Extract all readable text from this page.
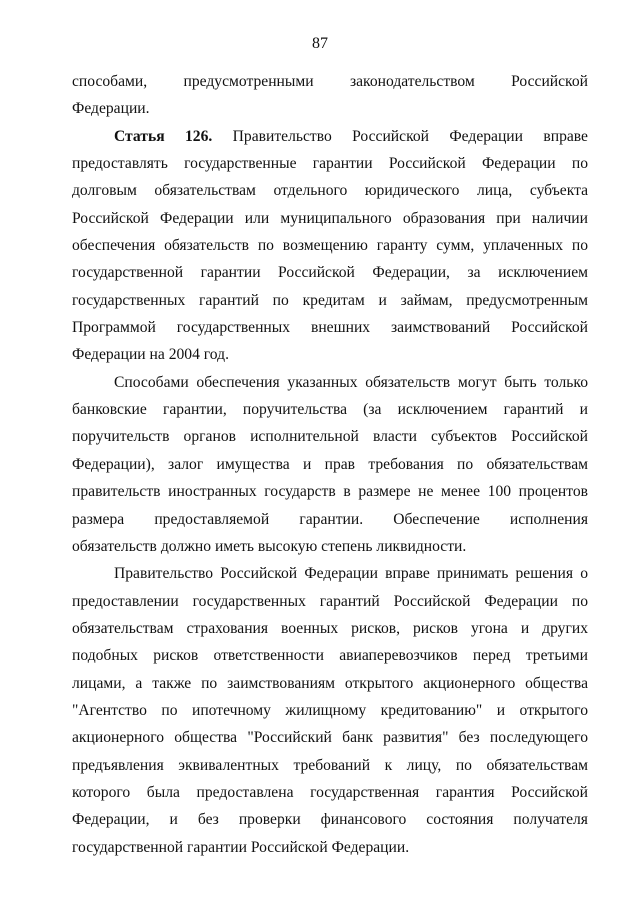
87
способами, предусмотренными законодательством Российской
Федерации.
Статья 126. Правительство Российской Федерации вправе
предоставлять государственные гарантии Российской Федерации по
долговым обязательствам отдельного юридического лица, субъекта
Российской Федерации или муниципального образования при наличии
обеспечения обязательств по возмещению гаранту сумм, уплаченных по
государственной гарантии Российской Федерации, за исключением
государственных гарантий по кредитам и займам, предусмотренным
Программой государственных внешних заимствований Российской
Федерации на 2004 год.
Способами обеспечения указанных обязательств могут быть только
банковские гарантии, поручительства (за исключением гарантий и
поручительств органов исполнительной власти субъектов Российской
Федерации), залог имущества и прав требования по обязательствам
правительств иностранных государств в размере не менее 100 процентов
размера предоставляемой гарантии. Обеспечение исполнения
обязательств должно иметь высокую степень ликвидности.
Правительство Российской Федерации вправе принимать решения о
предоставлении государственных гарантий Российской Федерации по
обязательствам страхования военных рисков, рисков угона и других
подобных рисков ответственности авиаперевозчиков перед третьими
лицами, а также по заимствованиям открытого акционерного общества
"Агентство по ипотечному жилищному кредитованию" и открытого
акционерного общества "Российский банк развития" без последующего
предъявления эквивалентных требований к лицу, по обязательствам
которого была предоставлена государственная гарантия Российской
Федерации, и без проверки финансового состояния получателя
государственной гарантии Российской Федерации.
